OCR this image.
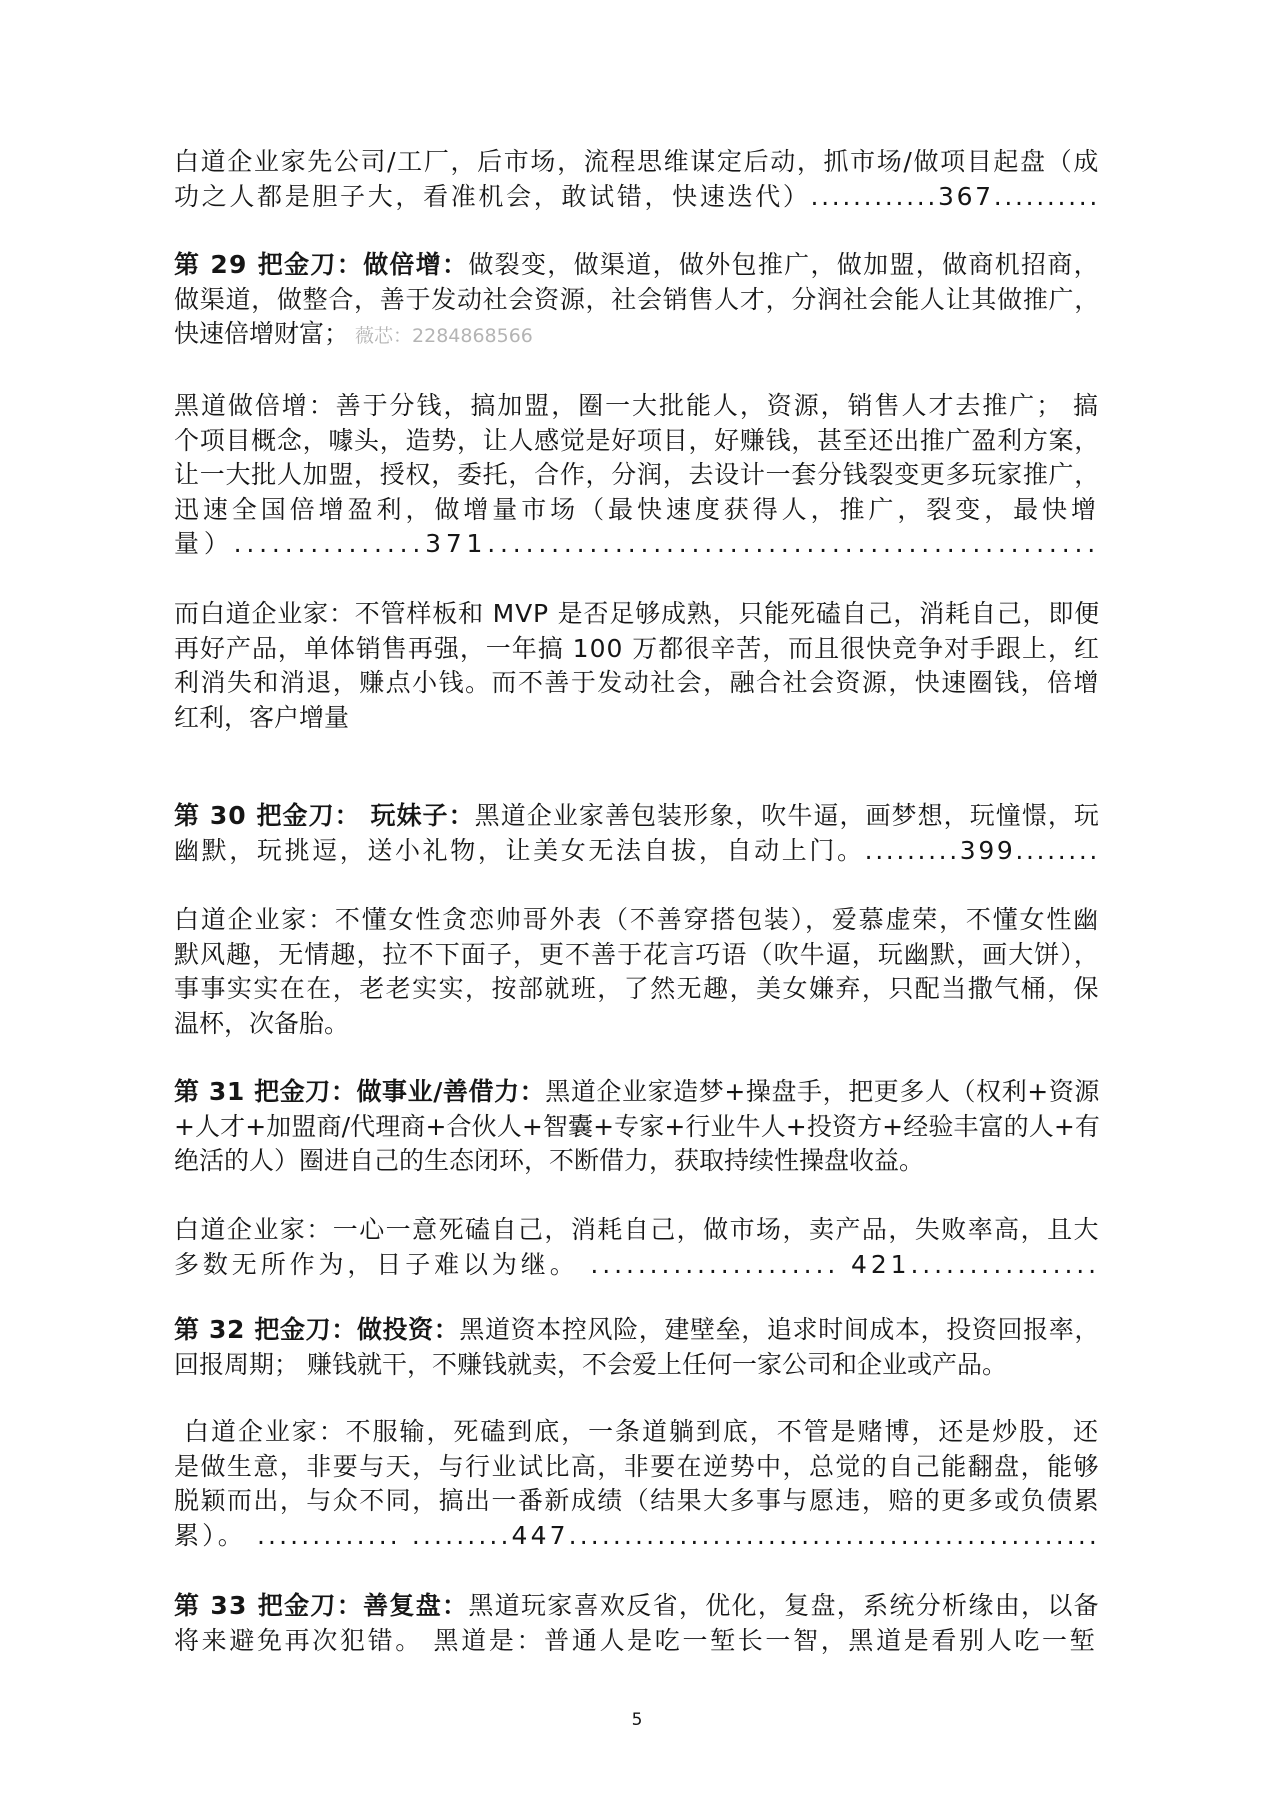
白道企业家先公司/工厂，后市场，流程思维谋定后动，抓市场/做项目起盘（成
功之人都是胆子大，看准机会，敢试错，快速迭代）............367..........
第 29 把金刀：做倍增：做裂变，做渠道，做外包推广，做加盟，做商机招商，
做渠道，做整合，善于发动社会资源，社会销售人才，分润社会能人让其做推广，
快速倍增财富； 薇芯：2284868566
黑道做倍增：善于分钱，搞加盟，圈一大批能人，资源，销售人才去推广； 搞
个项目概念，噱头，造势，让人感觉是好项目，好赚钱，甚至还出推广盈利方案，
让一大批人加盟，授权，委托，合作，分润，去设计一套分钱裂变更多玩家推广，
迅速全国倍增盈利，做增量市场（最快速度获得人，推广，裂变，最快增
量）...............371................................................
而白道企业家：不管样板和 MVP 是否足够成熟，只能死磕自己，消耗自己，即便
再好产品，单体销售再强，一年搞 100 万都很辛苦，而且很快竞争对手跟上，红
利消失和消退，赚点小钱。而不善于发动社会，融合社会资源，快速圈钱，倍增
红利，客户增量
第 30 把金刀： 玩妹子：黑道企业家善包装形象，吹牛逼，画梦想，玩憧憬，玩
幽默，玩挑逗，送小礼物，让美女无法自拔，自动上门。.........399........
白道企业家：不懂女性贪恋帅哥外表（不善穿搭包装），爱慕虚荣，不懂女性幽
默风趣，无情趣，拉不下面子，更不善于花言巧语（吹牛逼，玩幽默，画大饼），
事事实实在在，老老实实，按部就班，了然无趣，美女嫌弃，只配当撒气桶，保
温杯，次备胎。
第 31 把金刀：做事业/善借力：黑道企业家造梦+操盘手，把更多人（权利+资源
+人才+加盟商/代理商+合伙人+智囊+专家+行业牛人+投资方+经验丰富的人+有
绝活的人）圈进自己的生态闭环，不断借力，获取持续性操盘收益。
白道企业家：一心一意死磕自己，消耗自己，做市场，卖产品，失败率高，且大
多数无所作为，日子难以为继。 ..................... 421................
第 32 把金刀：做投资：黑道资本控风险，建壁垒，追求时间成本，投资回报率，
回报周期； 赚钱就干，不赚钱就卖，不会爱上任何一家公司和企业或产品。
白道企业家：不服输，死磕到底，一条道躺到底，不管是赌博，还是炒股，还
是做生意，非要与天，与行业试比高，非要在逆势中，总觉的自己能翻盘，能够
脱颖而出，与众不同，搞出一番新成绩（结果大多事与愿违，赔的更多或负债累
累）。 ............. .........447................................................
第 33 把金刀：善复盘：黑道玩家喜欢反省，优化，复盘，系统分析缘由，以备
将来避免再次犯错。 黑道是：普通人是吃一堑长一智，黑道是看别人吃一堑
5
